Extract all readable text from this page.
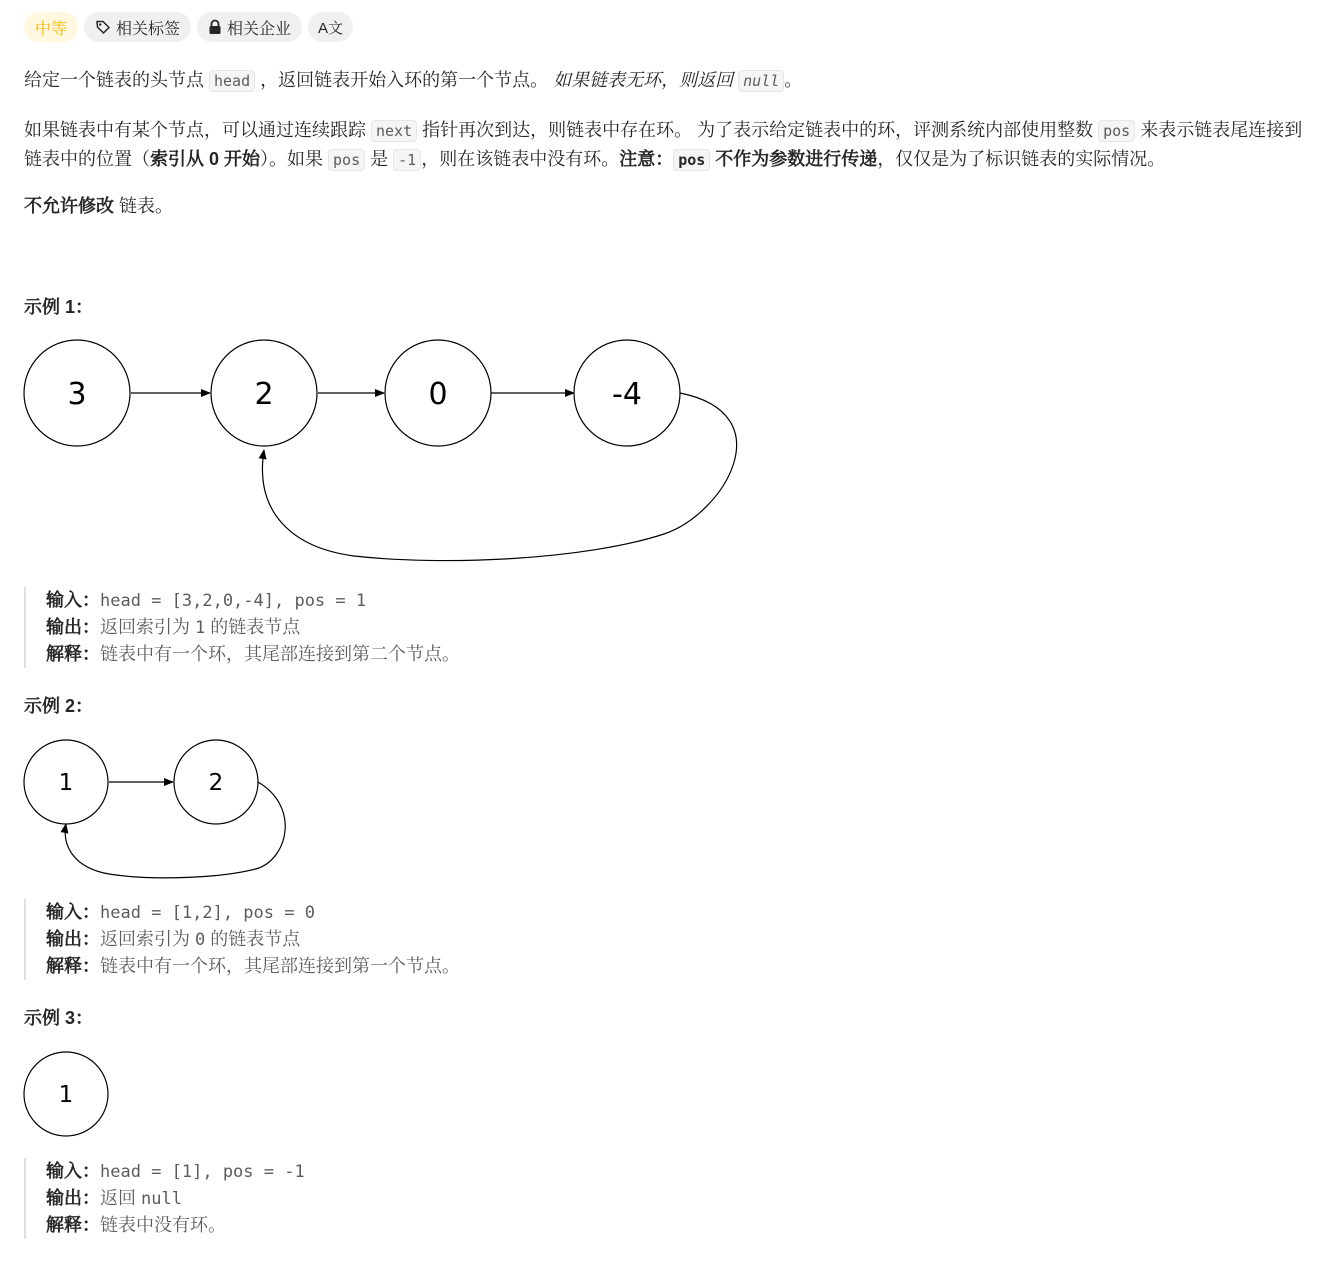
中等	相关标签	相关企业 A文

给定一个链表的头节点 head ，返回链表开始入环的第一个节点。 如果链表无环，则返回 null 。

如果链表中有某个节点，可以通过连续跟踪 next 指针再次到达，则链表中存在环。 为了表示给定链表中的环，评测系统内部使用整数 pos 来表示链表尾连接到链表中的位置（索引从 0 开始）。如果 pos 是 -1 ，则在该链表中没有环。注意： pos 不作为参数进行传递，仅仅是为了标识链表的实际情况。

不允许修改 链表。

示例 1：
3	2	0	-4
输入：head = [3,2,0,-4], pos = 1
输出：返回索引为 1 的链表节点
解释：链表中有一个环，其尾部连接到第二个节点。
示例 2：
1	2
输入：head = [1,2], pos = 0
输出：返回索引为 0 的链表节点
解释：链表中有一个环，其尾部连接到第一个节点。
示例 3：
1
输入：head = [1], pos = -1
输出：返回 null
解释：链表中没有环。
